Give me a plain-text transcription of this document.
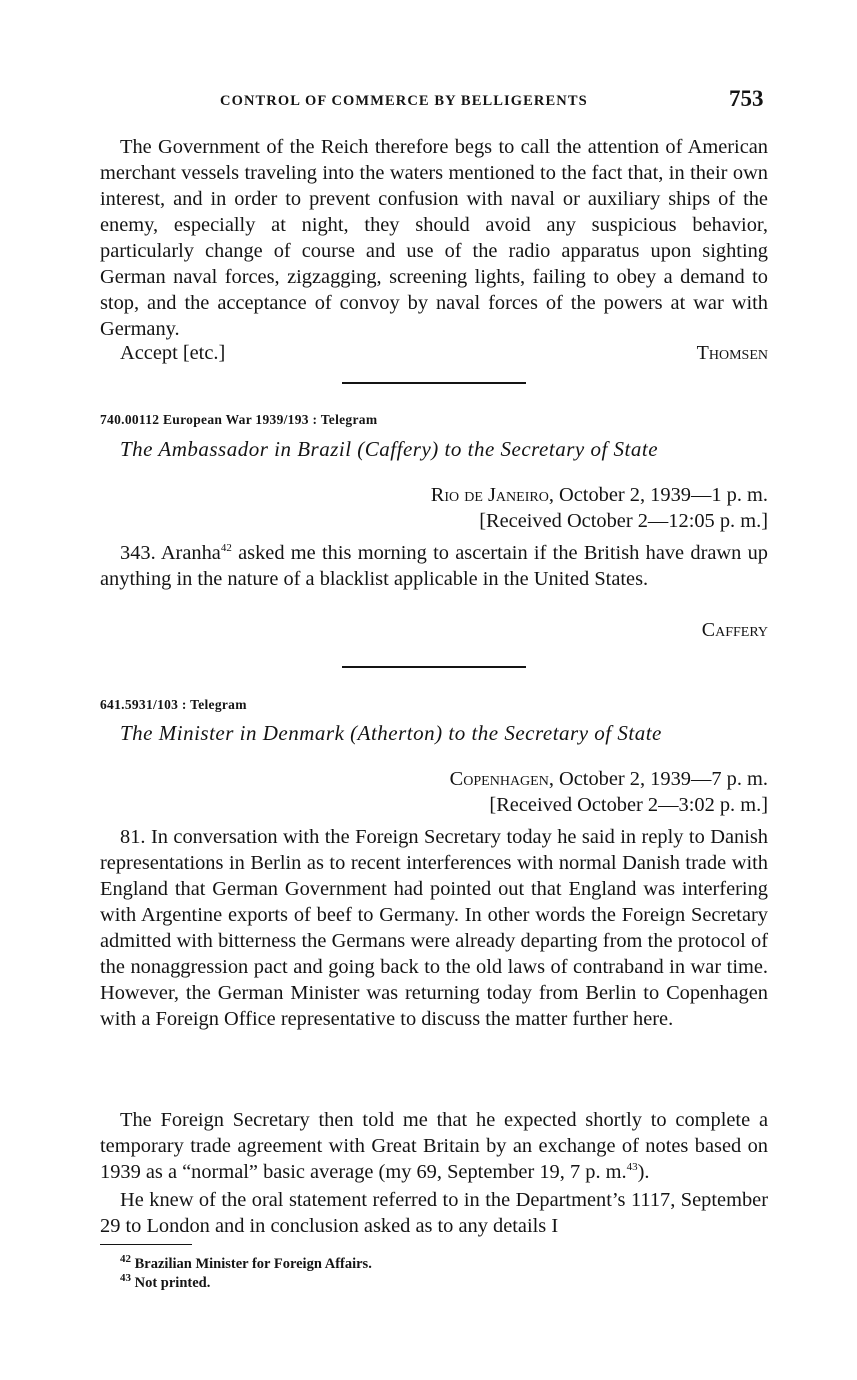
CONTROL OF COMMERCE BY BELLIGERENTS	753

The Government of the Reich therefore begs to call the attention of American merchant vessels traveling into the waters mentioned to the fact that, in their own interest, and in order to prevent confusion with naval or auxiliary ships of the enemy, especially at night, they should avoid any suspicious behavior, particularly change of course and use of the radio apparatus upon sighting German naval forces, zigzagging, screening lights, failing to obey a demand to stop, and the acceptance of convoy by naval forces of the powers at war with Germany.

Accept [etc.]	Thomsen
740.00112 European War 1939/193 : Telegram
The Ambassador in Brazil (Caffery) to the Secretary of State
Rio de Janeiro, October 2, 1939—1 p. m.
[Received October 2—12:05 p. m.]

343. Aranha$^{42}$ asked me this morning to ascertain if the British have drawn up anything in the nature of a blacklist applicable in the United States.

Caffery
641.5931/103 : Telegram
The Minister in Denmark (Atherton) to the Secretary of State
Copenhagen, October 2, 1939—7 p. m.
[Received October 2—3:02 p. m.]

81. In conversation with the Foreign Secretary today he said in reply to Danish representations in Berlin as to recent interferences with normal Danish trade with England that German Government had pointed out that England was interfering with Argentine exports of beef to Germany. In other words the Foreign Secretary admitted with bitterness the Germans were already departing from the protocol of the nonaggression pact and going back to the old laws of contraband in war time. However, the German Minister was returning today from Berlin to Copenhagen with a Foreign Office representative to discuss the matter further here.

The Foreign Secretary then told me that he expected shortly to complete a temporary trade agreement with Great Britain by an exchange of notes based on 1939 as a “normal” basic average (my 69, September 19, 7 p. m.$^{43}$).

He knew of the oral statement referred to in the Department’s 1117, September 29 to London and in conclusion asked as to any details I

$^{42}$ Brazilian Minister for Foreign Affairs.
$^{43}$ Not printed.
